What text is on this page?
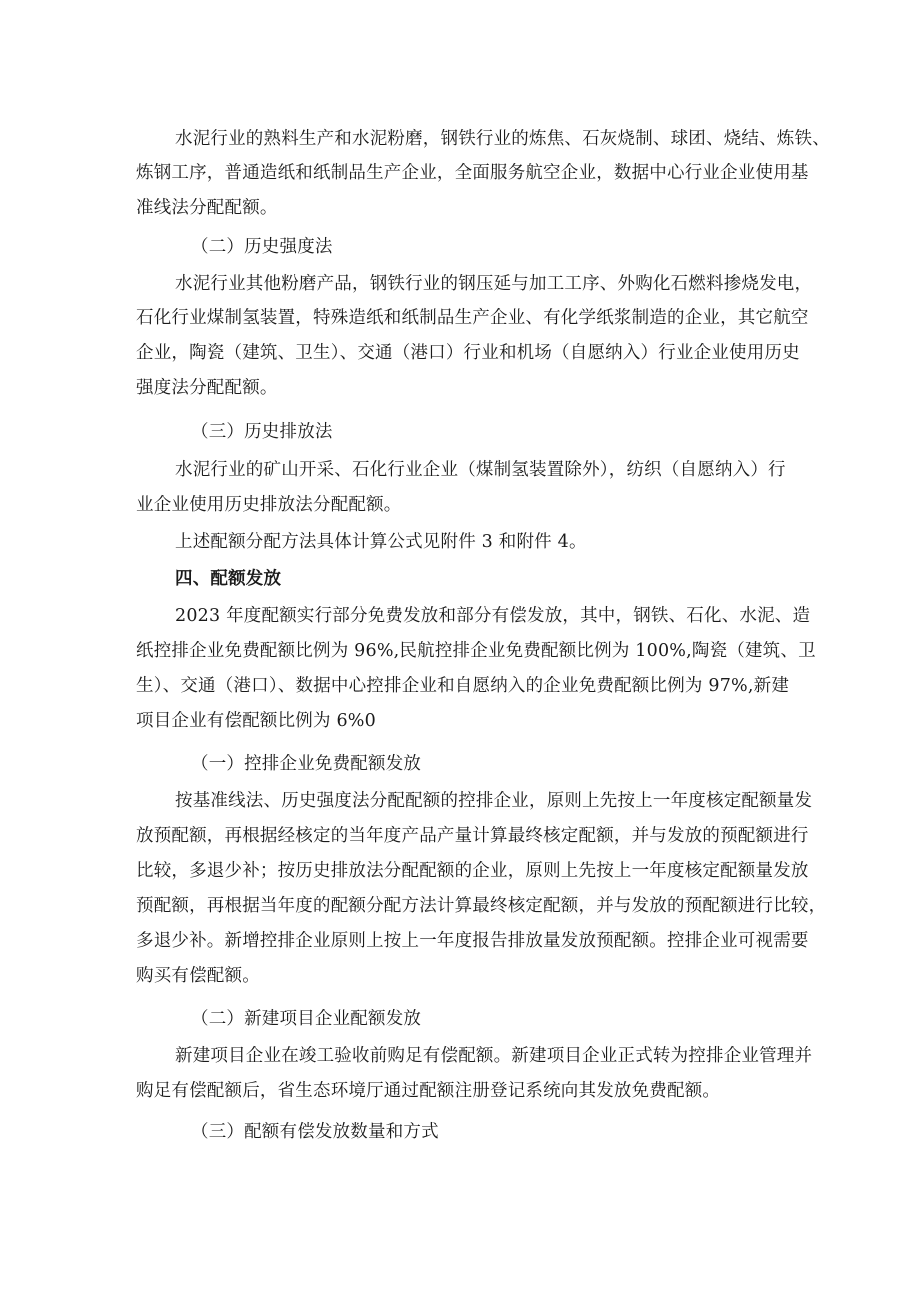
水泥行业的熟料生产和水泥粉磨，钢铁行业的炼焦、石灰烧制、球团、烧结、炼铁、
炼钢工序，普通造纸和纸制品生产企业，全面服务航空企业，数据中心行业企业使用基
准线法分配配额。
（二）历史强度法
水泥行业其他粉磨产品，钢铁行业的钢压延与加工工序、外购化石燃料掺烧发电，
石化行业煤制氢装置，特殊造纸和纸制品生产企业、有化学纸浆制造的企业，其它航空
企业，陶瓷（建筑、卫生）、交通（港口）行业和机场（自愿纳入）行业企业使用历史
强度法分配配额。
（三）历史排放法
水泥行业的矿山开采、石化行业企业（煤制氢装置除外），纺织（自愿纳入）行
业企业使用历史排放法分配配额。
上述配额分配方法具体计算公式见附件 3 和附件 4。
四、配额发放
2023 年度配额实行部分免费发放和部分有偿发放，其中，钢铁、石化、水泥、造
纸控排企业免费配额比例为 96%,民航控排企业免费配额比例为 100%,陶瓷（建筑、卫
生）、交通（港口）、数据中心控排企业和自愿纳入的企业免费配额比例为 97%,新建
项目企业有偿配额比例为 6%0
（一）控排企业免费配额发放
按基准线法、历史强度法分配配额的控排企业，原则上先按上一年度核定配额量发
放预配额，再根据经核定的当年度产品产量计算最终核定配额，并与发放的预配额进行
比较，多退少补；按历史排放法分配配额的企业，原则上先按上一年度核定配额量发放
预配额，再根据当年度的配额分配方法计算最终核定配额，并与发放的预配额进行比较，
多退少补。新增控排企业原则上按上一年度报告排放量发放预配额。控排企业可视需要
购买有偿配额。
（二）新建项目企业配额发放
新建项目企业在竣工验收前购足有偿配额。新建项目企业正式转为控排企业管理并
购足有偿配额后，省生态环境厅通过配额注册登记系统向其发放免费配额。
（三）配额有偿发放数量和方式
